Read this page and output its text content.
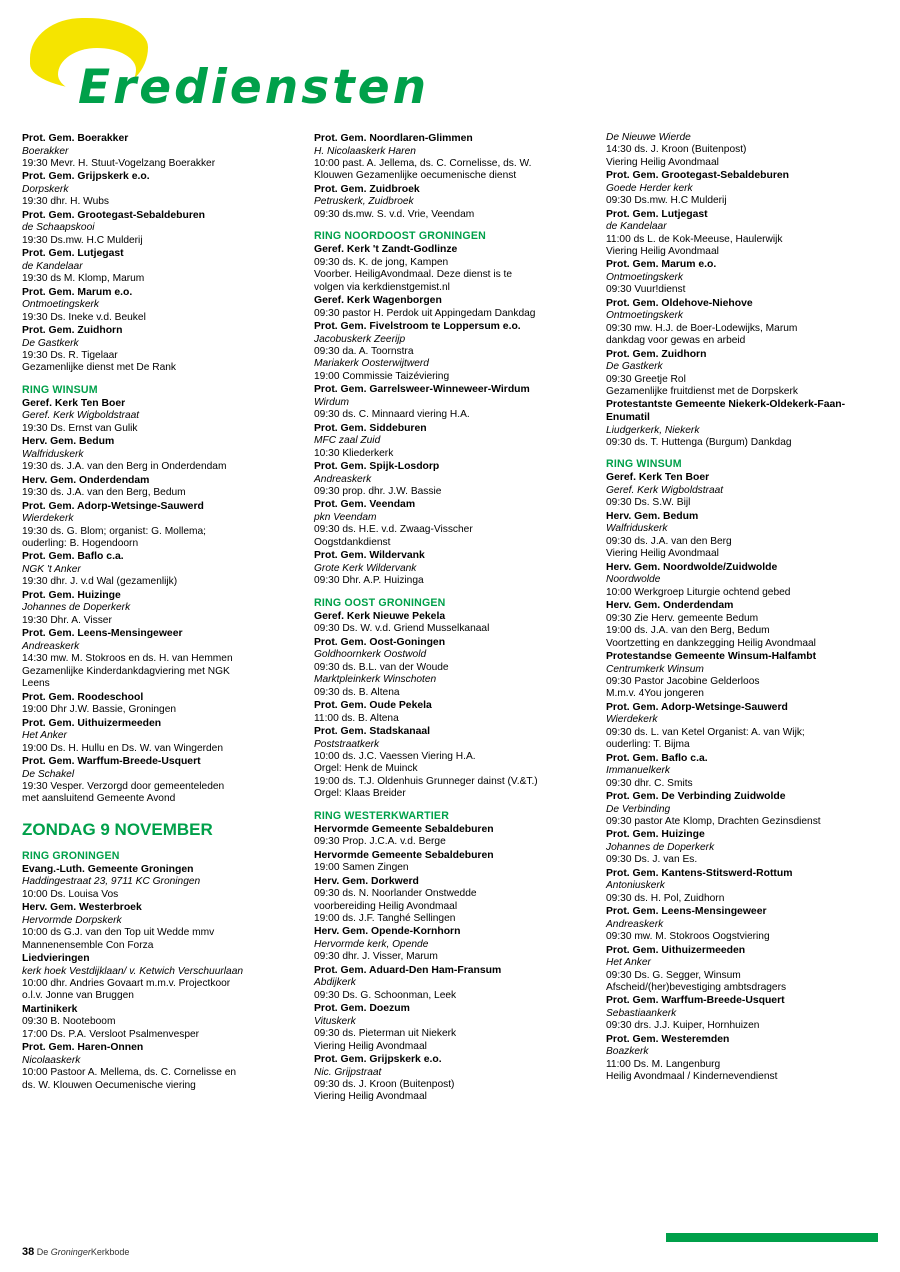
Erediensten
Prot. Gem. Boerakker
Boerakker
19:30 Mevr. H. Stuut-Vogelzang Boerakker
Prot. Gem. Grijpskerk e.o.
Dorpskerk
19:30 dhr. H. Wubs
Prot. Gem. Grootegast-Sebaldeburen
de Schaapskooi
19:30 Ds.mw. H.C Mulderij
Prot. Gem. Lutjegast
de Kandelaar
19:30 ds M. Klomp, Marum
Prot. Gem. Marum e.o.
Ontmoetingskerk
19:30 Ds. Ineke v.d. Beukel
Prot. Gem. Zuidhorn
De Gastkerk
19:30 Ds. R. Tigelaar
Gezamenlijke dienst met De Rank
RING WINSUM
Geref. Kerk Ten Boer
Geref. Kerk Wigboldstraat
19:30 Ds. Ernst van Gulik
Herv. Gem. Bedum
Walfriduskerk
19:30 ds. J.A. van den Berg in Onderdendam
Herv. Gem. Onderdendam
19:30 ds. J.A. van den Berg, Bedum
Prot. Gem. Adorp-Wetsinge-Sauwerd
Wierdekerk
19:30 ds. G. Blom; organist: G. Mollema;
ouderling: B. Hogendoorn
Prot. Gem. Baflo c.a.
NGK 't Anker
19:30 dhr. J. v.d Wal (gezamenlijk)
Prot. Gem. Huizinge
Johannes de Doperkerk
19:30 Dhr. A. Visser
Prot. Gem. Leens-Mensingeweer
Andreaskerk
14:30 mw. M. Stokroos en ds. H. van Hemmen
Gezamenlijke Kinderdankdagviering met NGK
Leens
Prot. Gem. Roodeschool
19:00 Dhr J.W. Bassie, Groningen
Prot. Gem. Uithuizermeeden
Het Anker
19:00 Ds. H. Hullu en Ds. W. van Wingerden
Prot. Gem. Warffum-Breede-Usquert
De Schakel
19:30 Vesper. Verzorgd door gemeenteleden
met aansluitend Gemeente Avond
ZONDAG 9 NOVEMBER
RING GRONINGEN
Evang.-Luth. Gemeente Groningen
Haddingestraat 23, 9711 KC Groningen
10:00 Ds. Louisa Vos
Herv. Gem. Westerbroek
Hervormde Dorpskerk
10:00 ds G.J. van den Top uit Wedde mmv
Mannenensemble Con Forza
Liedvieringen
kerk hoek Vestdijklaan/ v. Ketwich Verschuurlaan
10:00 dhr. Andries Govaart m.m.v. Projectkoor
o.l.v. Jonne van Bruggen
Martinikerk
09:30 B. Nooteboom
17:00 Ds. P.A. Versloot Psalmenvesper
Prot. Gem. Haren-Onnen
Nicolaaskerk
10:00 Pastoor A. Mellema, ds. C. Cornelisse en
ds. W. Klouwen Oecumenische viering
Prot. Gem. Noordlaren-Glimmen
H. Nicolaaskerk Haren
10:00 past. A. Jellema, ds. C. Cornelisse, ds. W.
Klouwen Gezamenlijke oecumenische dienst
Prot. Gem. Zuidbroek
Petruskerk, Zuidbroek
09:30 ds.mw. S. v.d. Vrie, Veendam
RING NOORDOOST GRONINGEN
Geref. Kerk 't Zandt-Godlinze
09:30 ds. K. de jong, Kampen
Voorber. HeiligAvondmaal. Deze dienst is te
volgen via kerkdienstgemist.nl
Geref. Kerk Wagenborgen
09:30 pastor H. Perdok uit Appingedam Dankdag
Prot. Gem. Fivelstroom te Loppersum e.o.
Jacobuskerk Zeerijp
09:30 da. A. Toornstra
Mariakerk Oosterwijtwerd
19:00 Commissie Taizéviering
Prot. Gem. Garrelsweer-Winneweer-Wirdum
Wirdum
09:30 ds. C. Minnaard viering H.A.
Prot. Gem. Siddeburen
MFC zaal Zuid
10:30 Kliederkerk
Prot. Gem. Spijk-Losdorp
Andreaskerk
09:30 prop. dhr. J.W. Bassie
Prot. Gem. Veendam
pkn Veendam
09:30 ds. H.E. v.d. Zwaag-Visscher
Oogstdankdienst
Prot. Gem. Wildervank
Grote Kerk Wildervank
09:30 Dhr. A.P. Huizinga
RING OOST GRONINGEN
Geref. Kerk Nieuwe Pekela
09:30 Ds. W. v.d. Griend Musselkanaal
Prot. Gem. Oost-Goningen
Goldhoornkerk Oostwold
09:30 ds. B.L. van der Woude
Marktpleinkerk Winschoten
09:30 ds. B. Altena
Prot. Gem. Oude Pekela
11:00 ds. B. Altena
Prot. Gem. Stadskanaal
Poststraatkerk
10:00 ds. J.C. Vaessen Viering H.A.
Orgel: Henk de Muinck
19:00 ds. T.J. Oldenhuis Grunneger dainst (V.&T.)
Orgel: Klaas Breider
RING WESTERKWARTIER
Hervormde Gemeente Sebaldeburen
09:30 Prop. J.C.A. v.d. Berge
Hervormde Gemeente Sebaldeburen
19:00 Samen Zingen
Herv. Gem. Dorkwerd
09:30 ds. N. Noorlander Onstwedde
voorbereiding Heilig Avondmaal
19:00 ds. J.F. Tanghé Sellingen
Herv. Gem. Opende-Kornhorn
Hervormde kerk, Opende
09:30 dhr. J. Visser, Marum
Prot. Gem. Aduard-Den Ham-Fransum
Abdijkerk
09:30 Ds. G. Schoonman, Leek
Prot. Gem. Doezum
Vituskerk
09:30 ds. Pieterman uit Niekerk
Viering Heilig Avondmaal
Prot. Gem. Grijpskerk e.o.
Nic. Grijpstraat
09:30 ds. J. Kroon (Buitenpost)
Viering Heilig Avondmaal
De Nieuwe Wierde
14:30 ds. J. Kroon (Buitenpost)
Viering Heilig Avondmaal
Prot. Gem. Grootegast-Sebaldeburen
Goede Herder kerk
09:30 Ds.mw. H.C Mulderij
Prot. Gem. Lutjegast
de Kandelaar
11:00 ds L. de Kok-Meeuse, Haulerwijk
Viering Heilig Avondmaal
Prot. Gem. Marum e.o.
Ontmoetingskerk
09:30 Vuur!dienst
Prot. Gem. Oldehove-Niehove
Ontmoetingskerk
09:30 mw. H.J. de Boer-Lodewijks, Marum
dankdag voor gewas en arbeid
Prot. Gem. Zuidhorn
De Gastkerk
09:30 Greetje Rol
Gezamenlijke fruitdienst met de Dorpskerk
Protestantste Gemeente Niekerk-Oldekerk-Faan-Enumatil
Liudgerkerk, Niekerk
09:30 ds. T. Huttenga (Burgum) Dankdag
RING WINSUM
Geref. Kerk Ten Boer
Geref. Kerk Wigboldstraat
09:30 Ds. S.W. Bijl
Herv. Gem. Bedum
Walfriduskerk
09:30 ds. J.A. van den Berg
Viering Heilig Avondmaal
Herv. Gem. Noordwolde/Zuidwolde
Noordwolde
10:00 Werkgroep Liturgie ochtend gebed
Herv. Gem. Onderdendam
09:30 Zie Herv. gemeente Bedum
19:00 ds. J.A. van den Berg, Bedum
Voortzetting en dankzegging Heilig Avondmaal
Protestandse Gemeente Winsum-Halfambt
Centrumkerk Winsum
09:30 Pastor Jacobine Gelderloos
M.m.v. 4You jongeren
Prot. Gem. Adorp-Wetsinge-Sauwerd
Wierdekerk
09:30 ds. L. van Ketel Organist: A. van Wijk;
ouderling: T. Bijma
Prot. Gem. Baflo c.a.
Immanuelkerk
09:30 dhr. C. Smits
Prot. Gem. De Verbinding Zuidwolde
De Verbinding
09:30 pastor Ate Klomp, Drachten Gezinsdienst
Prot. Gem. Huizinge
Johannes de Doperkerk
09:30 Ds. J. van Es.
Prot. Gem. Kantens-Stitswerd-Rottum
Antoniuskerk
09:30 ds. H. Pol, Zuidhorn
Prot. Gem. Leens-Mensingeweer
Andreaskerk
09:30 mw. M. Stokroos Oogstviering
Prot. Gem. Uithuizermeeden
Het Anker
09:30 Ds. G. Segger, Winsum
Afscheid/(her)bevestiging ambtsdragers
Prot. Gem. Warffum-Breede-Usquert
Sebastiaankerk
09:30 drs. J.J. Kuiper, Hornhuizen
Prot. Gem. Westeremden
Boazkerk
11:00 Ds. M. Langenburg
Heilig Avondmaal / Kindernevendienst
38 De GroningerKerkbode
